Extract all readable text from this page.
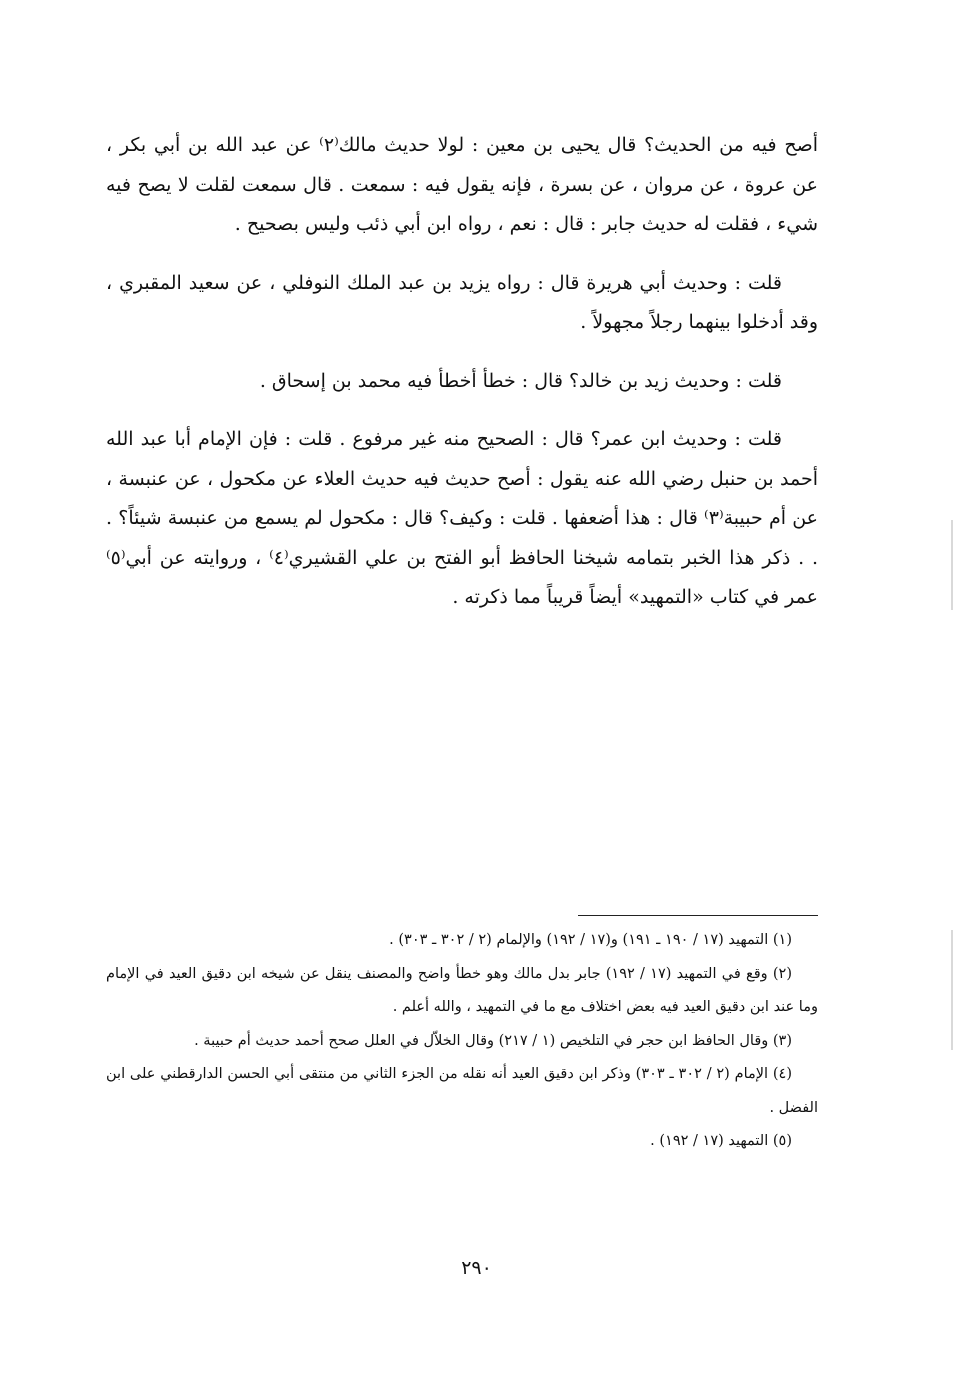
أصح فيه من الحديث؟ قال يحيى بن معين : لولا حديث مالك⁽٢⁾ عن عبد الله بن أبي بكر ، عن عروة ، عن مروان ، عن بسرة ، فإنه يقول فيه : سمعت . قال سمعت لقلت لا يصح فيه شيء ، فقلت له حديث جابر : قال : نعم ، رواه ابن أبي ذئب وليس بصحيح .

قلت : وحديث أبي هريرة قال : رواه يزيد بن عبد الملك النوفلي ، عن سعيد المقبري ، وقد أدخلوا بينهما رجلاً مجهولاً .

قلت : وحديث زيد بن خالد؟ قال : خطأ أخطأ فيه محمد بن إسحاق .

قلت : وحديث ابن عمر؟ قال : الصحيح منه غير مرفوع . قلت : فإن الإمام أبا عبد الله أحمد بن حنبل رضي الله عنه يقول : أصح حديث فيه حديث العلاء عن مكحول ، عن عنبسة ، عن أم حبيبة⁽٣⁾ قال : هذا أضعفها . قلت : وكيف؟ قال : مكحول لم يسمع من عنبسة شيئاً؟ . . . ذكر هذا الخبر بتمامه شيخنا الحافظ أبو الفتح بن علي القشيري⁽٤⁾ ، وروايته عن أبي⁽٥⁾ عمر في كتاب «التمهيد» أيضاً قريباً مما ذكرته .

(١) التمهيد (١٧ / ١٩٠ ـ ١٩١) و(١٧ / ١٩٢) والإلمام (٢ / ٣٠٢ ـ ٣٠٣) .

(٢) وقع في التمهيد (١٧ / ١٩٢) جابر بدل مالك وهو خطأ واضح والمصنف ينقل عن شيخه ابن دقيق العيد في الإمام وما عند ابن دقيق العيد فيه بعض اختلاف مع ما في التمهيد ، والله أعلم .

(٣) وقال الحافظ ابن حجر في التلخيص (١ / ٢١٧) وقال الخلاّل في العلل صحح أحمد حديث أم حبيبة .

(٤) الإمام (٢ / ٣٠٢ ـ ٣٠٣) وذكر ابن دقيق العيد أنه نقله من الجزء الثاني من منتقى أبي الحسن الدارقطني على ابن الفضل .

(٥) التمهيد (١٧ / ١٩٢) .

٢٩٠
